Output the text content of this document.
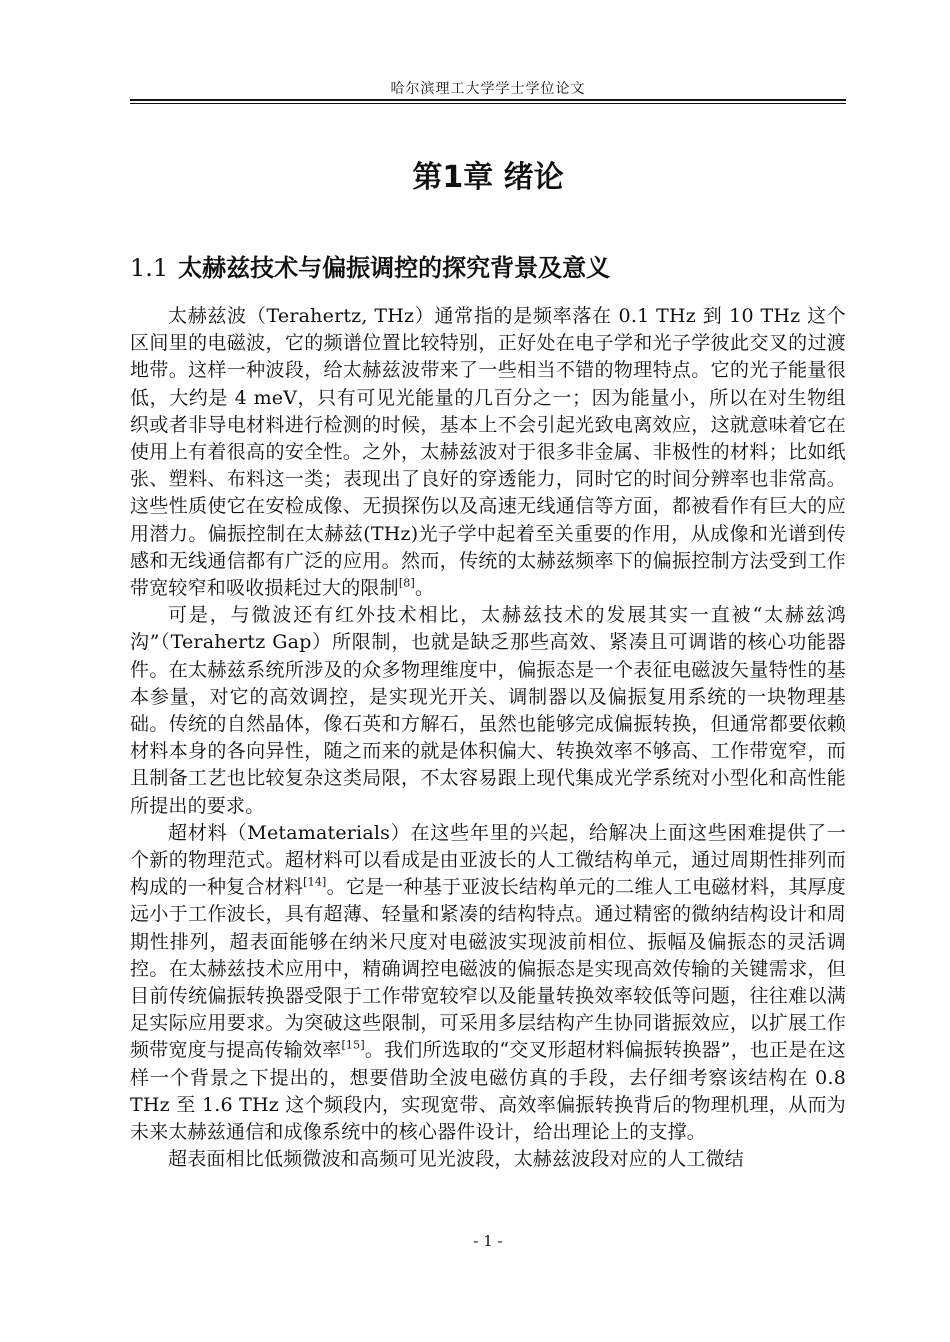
哈尔滨理工大学学士学位论文
第1章 绪论
1.1 太赫兹技术与偏振调控的探究背景及意义

太赫兹波（Terahertz, THz）通常指的是频率落在 0.1 THz 到 10 THz 这个区间里的电磁波，它的频谱位置比较特别，正好处在电子学和光子学彼此交叉的过渡地带。这样一种波段，给太赫兹波带来了一些相当不错的物理特点。它的光子能量很低，大约是 4 meV，只有可见光能量的几百分之一；因为能量小，所以在对生物组织或者非导电材料进行检测的时候，基本上不会引起光致电离效应，这就意味着它在使用上有着很高的安全性。之外，太赫兹波对于很多非金属、非极性的材料；比如纸张、塑料、布料这一类；表现出了良好的穿透能力，同时它的时间分辨率也非常高。这些性质使它在安检成像、无损探伤以及高速无线通信等方面，都被看作有巨大的应用潜力。偏振控制在太赫兹(THz)光子学中起着至关重要的作用，从成像和光谱到传感和无线通信都有广泛的应用。然而，传统的太赫兹频率下的偏振控制方法受到工作带宽较窄和吸收损耗过大的限制[8]。

可是，与微波还有红外技术相比，太赫兹技术的发展其实一直被“太赫兹鸿沟”（Terahertz Gap）所限制，也就是缺乏那些高效、紧凑且可调谐的核心功能器件。在太赫兹系统所涉及的众多物理维度中，偏振态是一个表征电磁波矢量特性的基本参量，对它的高效调控，是实现光开关、调制器以及偏振复用系统的一块物理基础。传统的自然晶体，像石英和方解石，虽然也能够完成偏振转换，但通常都要依赖材料本身的各向异性，随之而来的就是体积偏大、转换效率不够高、工作带宽窄，而且制备工艺也比较复杂这类局限，不太容易跟上现代集成光学系统对小型化和高性能所提出的要求。

超材料（Metamaterials）在这些年里的兴起，给解决上面这些困难提供了一个新的物理范式。超材料可以看成是由亚波长的人工微结构单元，通过周期性排列而构成的一种复合材料[14]。它是一种基于亚波长结构单元的二维人工电磁材料，其厚度远小于工作波长，具有超薄、轻量和紧凑的结构特点。通过精密的微纳结构设计和周期性排列，超表面能够在纳米尺度对电磁波实现波前相位、振幅及偏振态的灵活调控。在太赫兹技术应用中，精确调控电磁波的偏振态是实现高效传输的关键需求，但目前传统偏振转换器受限于工作带宽较窄以及能量转换效率较低等问题，往往难以满足实际应用要求。为突破这些限制，可采用多层结构产生协同谐振效应，以扩展工作频带宽度与提高传输效率[15]。我们所选取的“交叉形超材料偏振转换器”，也正是在这样一个背景之下提出的，想要借助全波电磁仿真的手段，去仔细考察该结构在 0.8 THz 至 1.6 THz 这个频段内，实现宽带、高效率偏振转换背后的物理机理，从而为未来太赫兹通信和成像系统中的核心器件设计，给出理论上的支撑。

超表面相比低频微波和高频可见光波段，太赫兹波段对应的人工微结

- 1 -
